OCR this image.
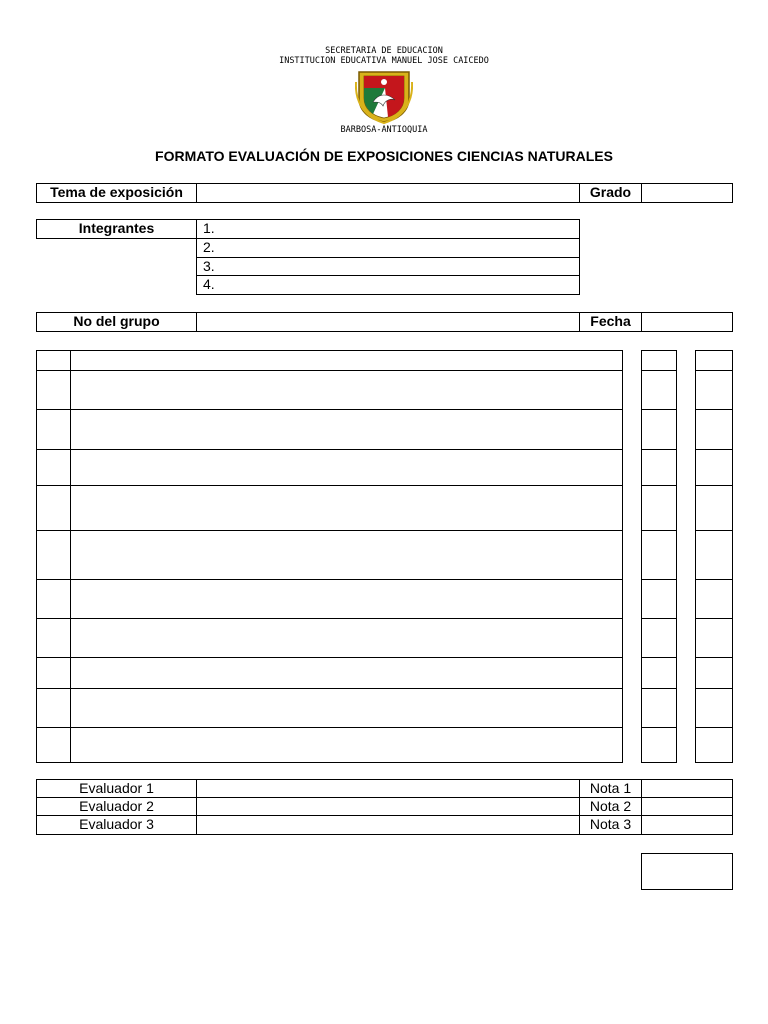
SECRETARIA DE EDUCACION
INSTITUCION EDUCATIVA MANUEL JOSE CAICEDO
BARBOSA-ANTIOQUIA
FORMATO EVALUACIÓN DE EXPOSICIONES CIENCIAS NATURALES
Tema de exposición	Grado
Integrantes	1.
2.
3.
4.
No del grupo	Fecha
Evaluador 1	Nota 1
Evaluador 2	Nota 2
Evaluador 3	Nota 3
